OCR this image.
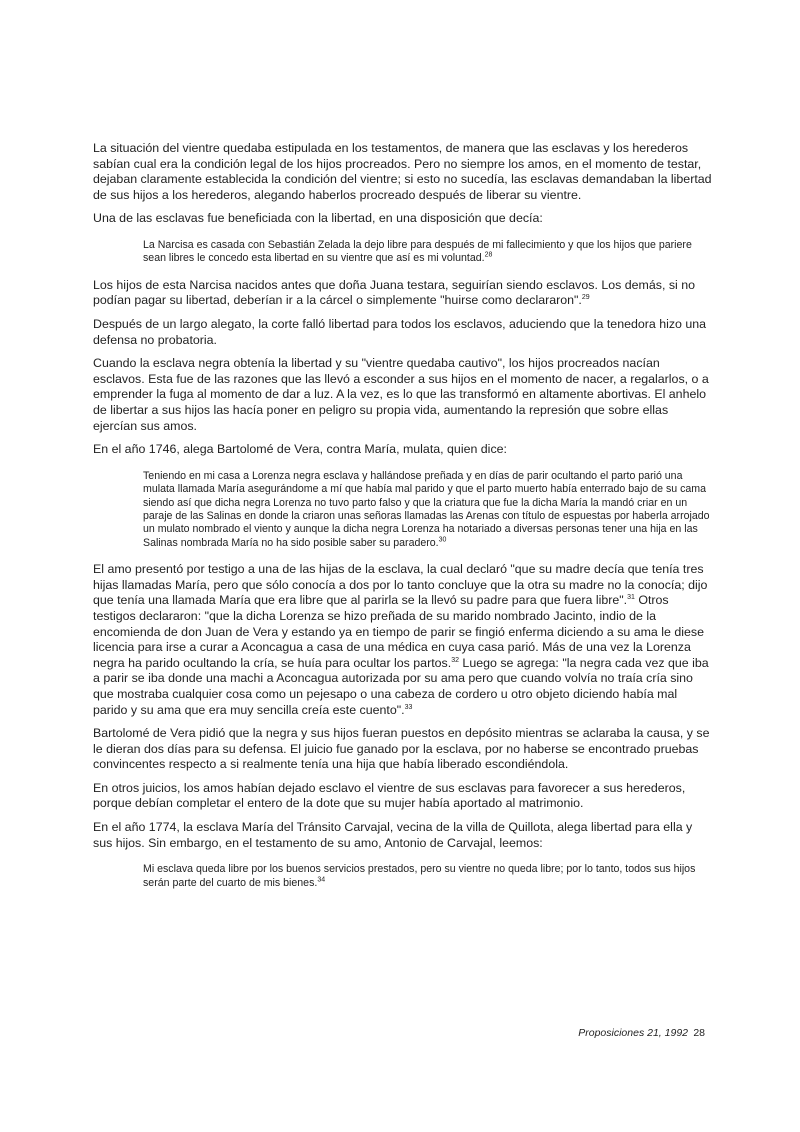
La situación del vientre quedaba estipulada en los testamentos, de manera que las esclavas y los herederos sabían cual era la condición legal de los hijos procreados. Pero no siempre los amos, en el momento de testar, dejaban claramente establecida la condición del vientre; si esto no sucedía, las esclavas demandaban la libertad de sus hijos a los herederos, alegando haberlos procreado después de liberar su vientre.

Una de las esclavas fue beneficiada con la libertad, en una disposición que decía:

La Narcisa es casada con Sebastián Zelada la dejo libre para después de mi fallecimiento y que los hijos que pariere sean libres le concedo esta libertad en su vientre que así es mi voluntad.$^{28}$

Los hijos de esta Narcisa nacidos antes que doña Juana testara, seguirían siendo esclavos. Los demás, si no podían pagar su libertad, deberían ir a la cárcel o simplemente "huirse como declararon".$^{29}$

Después de un largo alegato, la corte falló libertad para todos los esclavos, aduciendo que la tenedora hizo una defensa no probatoria.

Cuando la esclava negra obtenía la libertad y su "vientre quedaba cautivo", los hijos procreados nacían esclavos. Esta fue de las razones que las llevó a esconder a sus hijos en el momento de nacer, a regalarlos, o a emprender la fuga al momento de dar a luz. A la vez, es lo que las transformó en altamente abortivas. El anhelo de libertar a sus hijos las hacía poner en peligro su propia vida, aumentando la represión que sobre ellas ejercían sus amos.

En el año 1746, alega Bartolomé de Vera, contra María, mulata, quien dice:

Teniendo en mi casa a Lorenza negra esclava y hallándose preñada y en días de parir ocultando el parto parió una mulata llamada María asegurándome a mí que había mal parido y que el parto muerto había enterrado bajo de su cama siendo así que dicha negra Lorenza no tuvo parto falso y que la criatura que fue la dicha María la mandó criar en un paraje de las Salinas en donde la criaron unas señoras llamadas las Arenas con título de espuestas por haberla arrojado un mulato nombrado el viento y aunque la dicha negra Lorenza ha notariado a diversas personas tener una hija en las Salinas nombrada María no ha sido posible saber su paradero.$^{30}$

El amo presentó por testigo a una de las hijas de la esclava, la cual declaró "que su madre decía que tenía tres hijas llamadas María, pero que sólo conocía a dos por lo tanto concluye que la otra su madre no la conocía; dijo que tenía una llamada María que era libre que al parirla se la llevó su padre para que fuera libre".$^{31}$ Otros testigos declararon: "que la dicha Lorenza se hizo preñada de su marido nombrado Jacinto, indio de la encomienda de don Juan de Vera y estando ya en tiempo de parir se fingió enferma diciendo a su ama le diese licencia para irse a curar a Aconcagua a casa de una médica en cuya casa parió. Más de una vez la Lorenza negra ha parido ocultando la cría, se huía para ocultar los partos.$^{32}$ Luego se agrega: "la negra cada vez que iba a parir se iba donde una machi a Aconcagua autorizada por su ama pero que cuando volvía no traía cría sino que mostraba cualquier cosa como un pejesapo o una cabeza de cordero u otro objeto diciendo había mal parido y su ama que era muy sencilla creía este cuento".$^{33}$

Bartolomé de Vera pidió que la negra y sus hijos fueran puestos en depósito mientras se aclaraba la causa, y se le dieran dos días para su defensa. El juicio fue ganado por la esclava, por no haberse se encontrado pruebas convincentes respecto a si realmente tenía una hija que había liberado escondiéndola.

En otros juicios, los amos habían dejado esclavo el vientre de sus esclavas para favorecer a sus herederos, porque debían completar el entero de la dote que su mujer había aportado al matrimonio.

En el año 1774, la esclava María del Tránsito Carvajal, vecina de la villa de Quillota, alega libertad para ella y sus hijos. Sin embargo, en el testamento de su amo, Antonio de Carvajal, leemos:

Mi esclava queda libre por los buenos servicios prestados, pero su vientre no queda libre; por lo tanto, todos sus hijos serán parte del cuarto de mis bienes.$^{34}$

Proposiciones 21, 1992 28
